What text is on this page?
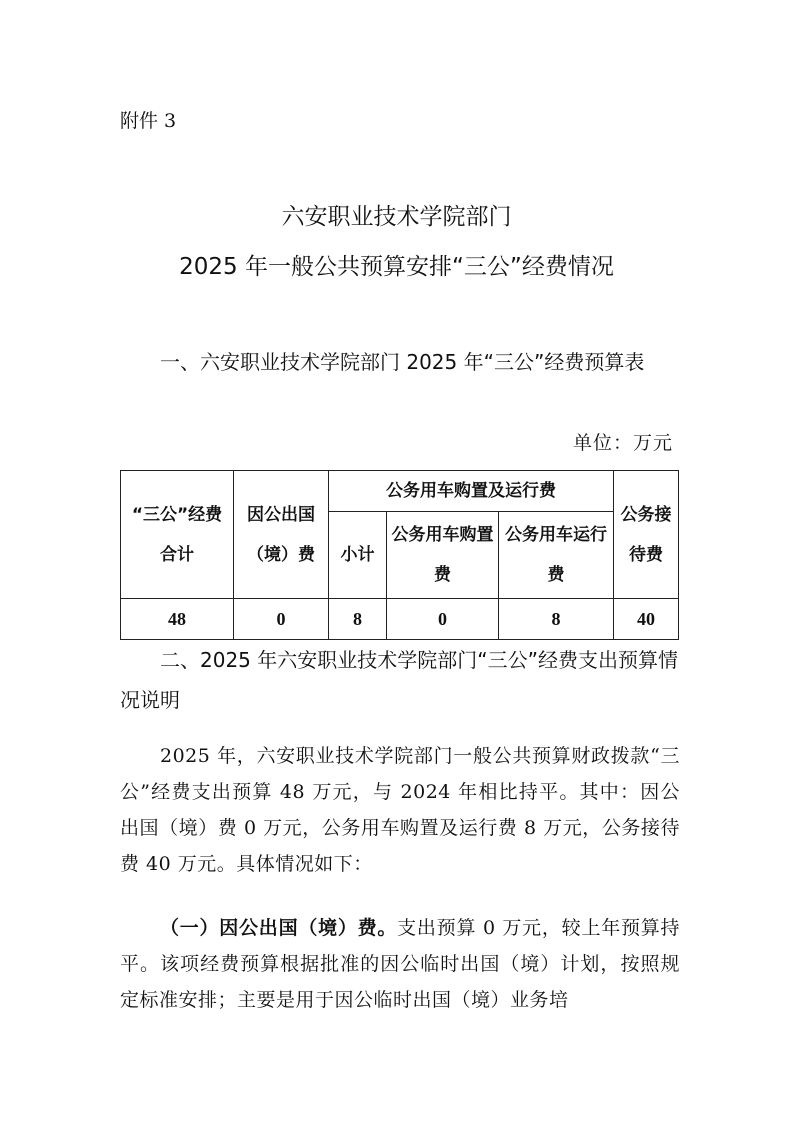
附件 3
六安职业技术学院部门
2025 年一般公共预算安排“三公”经费情况
一、六安职业技术学院部门 2025 年“三公”经费预算表
单位：万元
“三公”经费合计	因公出国（境）费	公务用车购置及运行费			公务接待费
		小计	公务用车购置费	公务用车运行费	
48	0	8	0	8	40
二、2025 年六安职业技术学院部门“三公”经费支出预算情况说明
2025 年，六安职业技术学院部门一般公共预算财政拨款“三公”经费支出预算 48 万元，与 2024 年相比持平。其中：因公出国（境）费 0 万元，公务用车购置及运行费 8 万元，公务接待费 40 万元。具体情况如下：
（一）因公出国（境）费。支出预算 0 万元，较上年预算持平。该项经费预算根据批准的因公临时出国（境）计划，按照规定标准安排；主要是用于因公临时出国（境）业务培
